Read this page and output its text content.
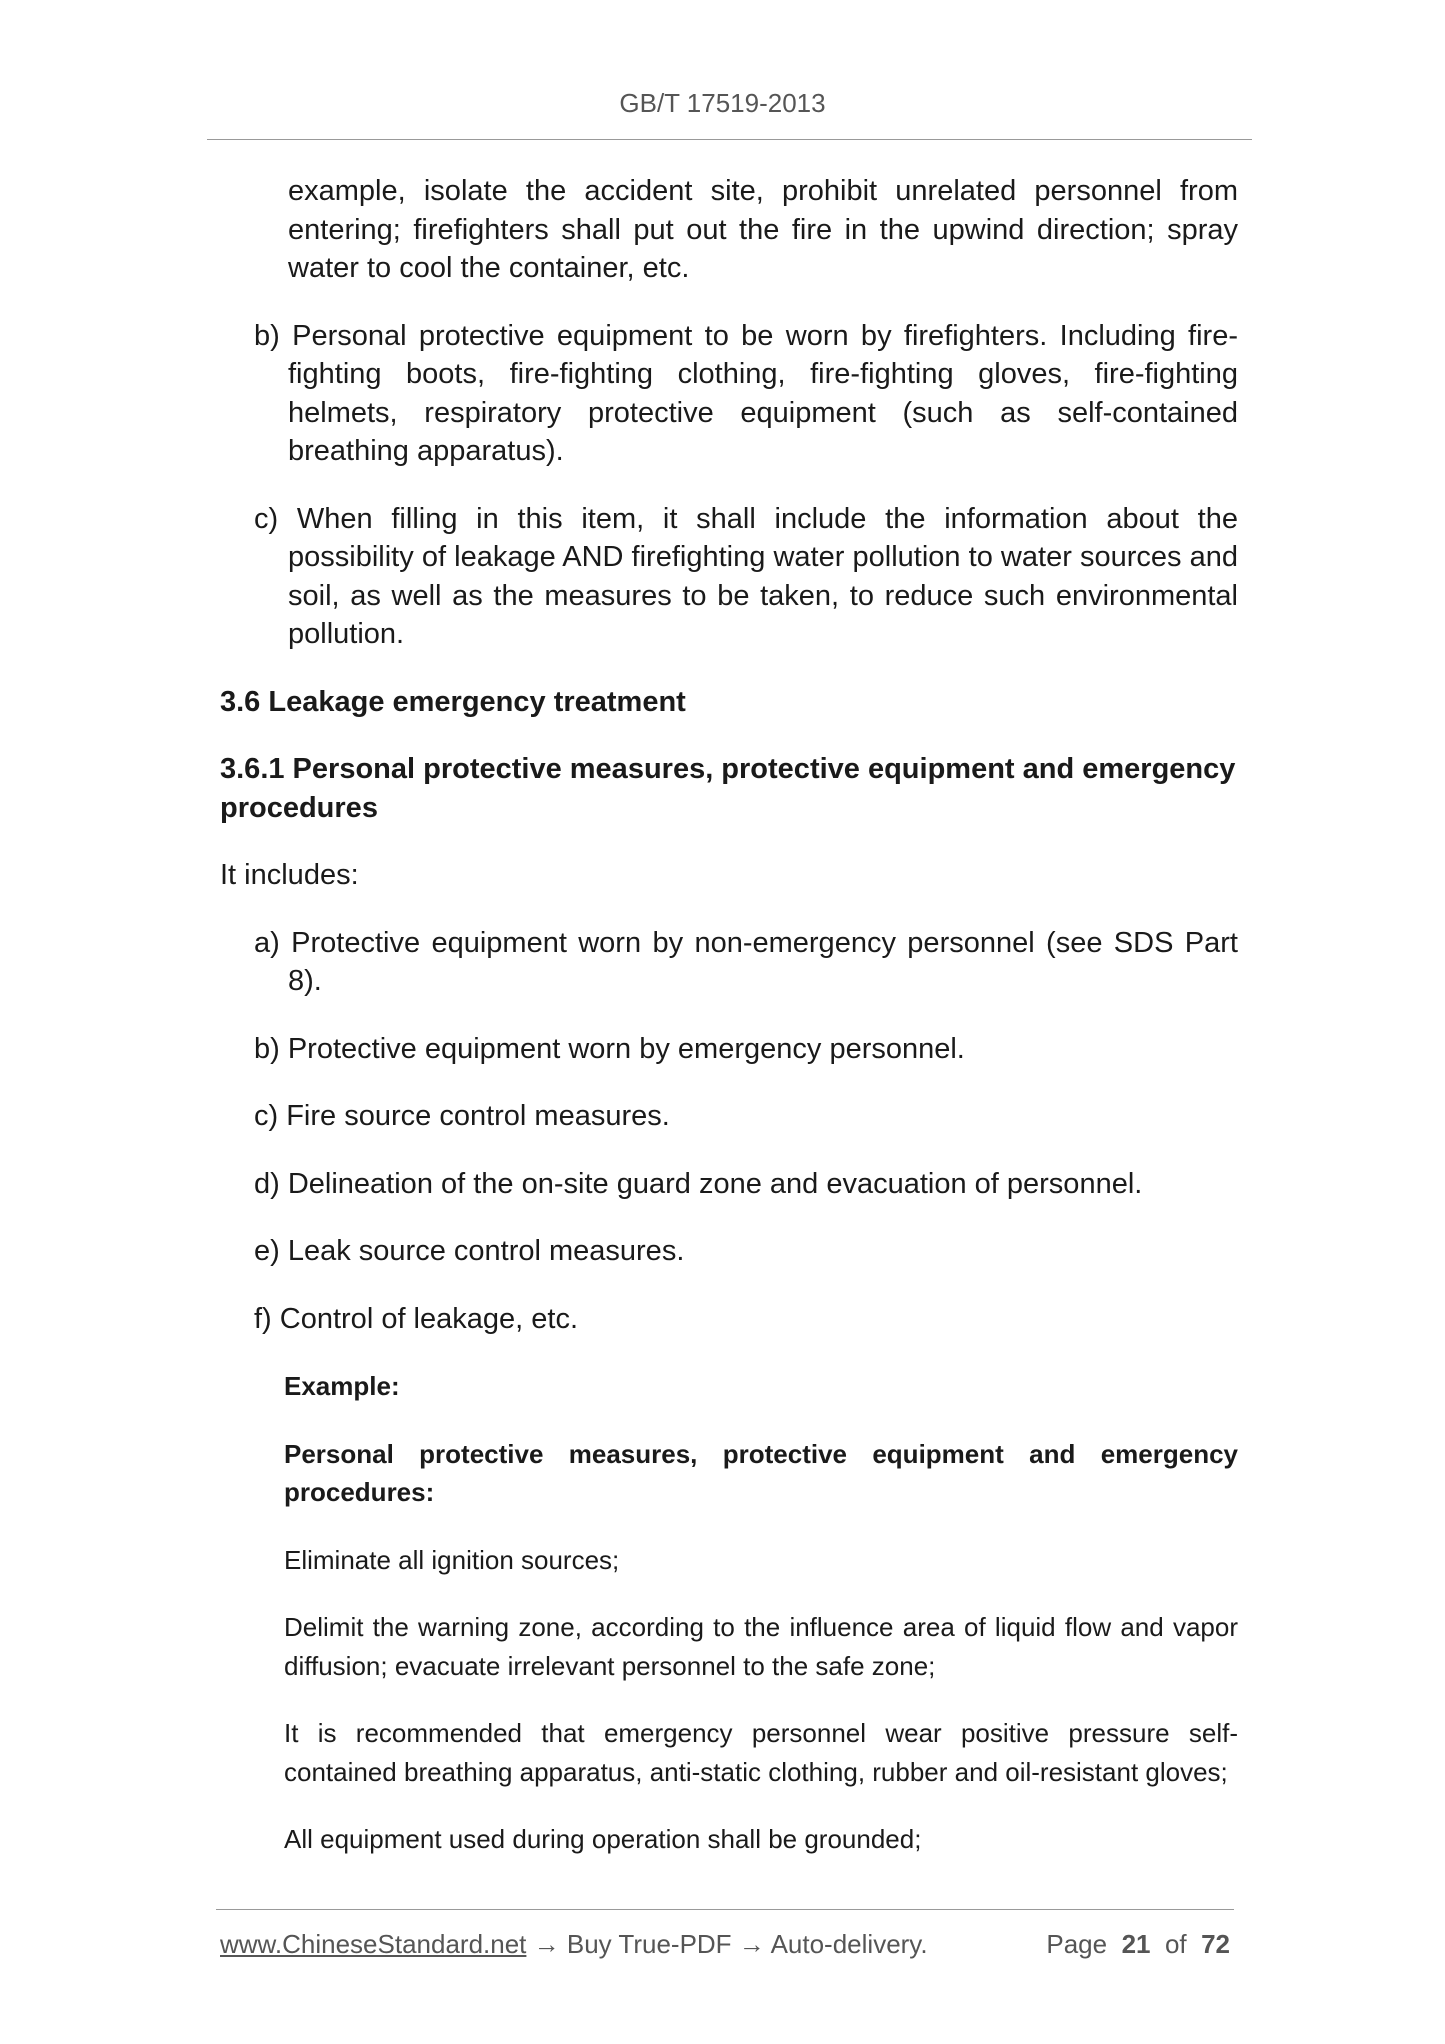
GB/T 17519-2013

example, isolate the accident site, prohibit unrelated personnel from entering; firefighters shall put out the fire in the upwind direction; spray water to cool the container, etc.

b) Personal protective equipment to be worn by firefighters. Including fire-fighting boots, fire-fighting clothing, fire-fighting gloves, fire-fighting helmets, respiratory protective equipment (such as self-contained breathing apparatus).

c) When filling in this item, it shall include the information about the possibility of leakage AND firefighting water pollution to water sources and soil, as well as the measures to be taken, to reduce such environmental pollution.

3.6 Leakage emergency treatment

3.6.1 Personal protective measures, protective equipment and emergency procedures

It includes:

a) Protective equipment worn by non-emergency personnel (see SDS Part 8).

b) Protective equipment worn by emergency personnel.

c) Fire source control measures.

d) Delineation of the on-site guard zone and evacuation of personnel.

e) Leak source control measures.

f) Control of leakage, etc.

Example:

Personal protective measures, protective equipment and emergency procedures:

Eliminate all ignition sources;

Delimit the warning zone, according to the influence area of liquid flow and vapor diffusion; evacuate irrelevant personnel to the safe zone;

It is recommended that emergency personnel wear positive pressure self-contained breathing apparatus, anti-static clothing, rubber and oil-resistant gloves;

All equipment used during operation shall be grounded;

www.ChineseStandard.net → Buy True-PDF → Auto-delivery.	Page 21 of 72
